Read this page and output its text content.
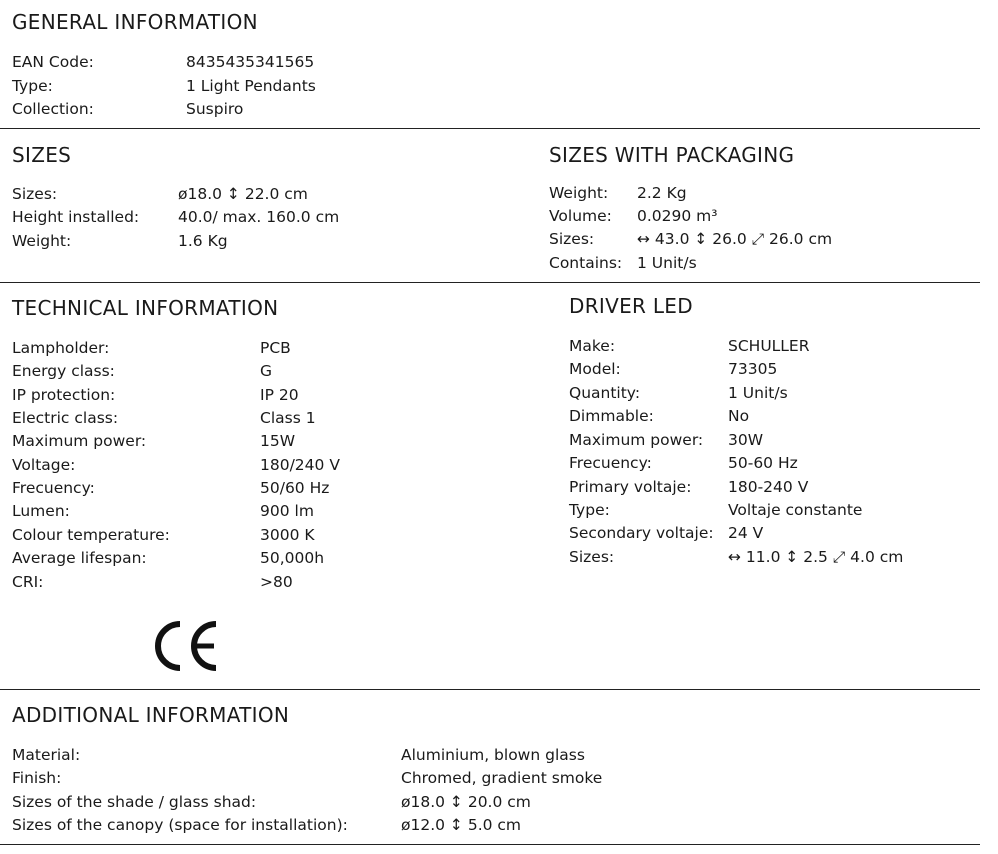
GENERAL INFORMATION
EAN Code:	8435435341565
Type:	1 Light Pendants
Collection:	Suspiro
SIZES
Sizes:	ø18.0 ↕ 22.0 cm
Height installed:	40.0/ max. 160.0 cm
Weight:	1.6 Kg
SIZES WITH PACKAGING
Weight: 2.2 Kg
Volume: 0.0290 m³
Sizes:	↔ 43.0 ↕ 26.0 ⤢ 26.0 cm
Contains: 1 Unit/s
TECHNICAL INFORMATION
Lampholder:	PCB
Energy class:	G
IP protection:	IP 20
Electric class:	Class 1
Maximum power:	15W
Voltage:	180/240 V
Frecuency:	50/60 Hz
Lumen:	900 lm
Colour temperature:	3000 K
Average lifespan:	50,000h
CRI:	>80
DRIVER LED
Make:	SCHULLER
Model:	73305
Quantity:	1 Unit/s
Dimmable:	No
Maximum power: 30W
Frecuency:	50-60 Hz
Primary voltaje: 180-240 V
Type:	Voltaje constante
Secondary voltaje: 24 V
Sizes:	↔ 11.0 ↕ 2.5 ⤢ 4.0 cm
ADDITIONAL INFORMATION
Material:	Aluminium, blown glass
Finish:	Chromed, gradient smoke
Sizes of the shade / glass shad:	ø18.0 ↕ 20.0 cm
Sizes of the canopy (space for installation):	ø12.0 ↕ 5.0 cm
